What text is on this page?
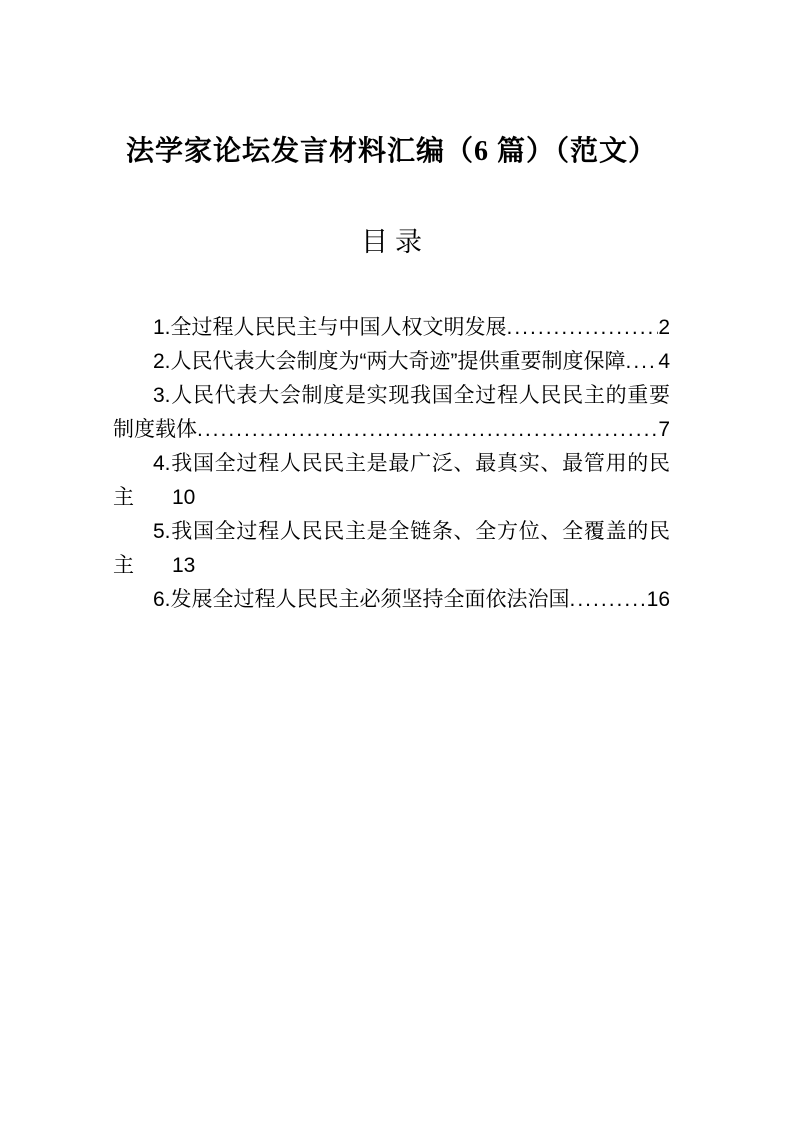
法学家论坛发言材料汇编（6 篇）（范文）
目录
1.全过程人民民主与中国人权文明发展 .....	2
2.人民代表大会制度为“两大奇迹”提供重要制度保障 ..... 4
3.人民代表大会制度是实现我国全过程人民民主的重要
制度载体 .....	7
4.我国全过程人民民主是最广泛、最真实、最管用的民
主 10
5.我国全过程人民民主是全链条、全方位、全覆盖的民
主 13
6.发展全过程人民民主必须坚持全面依法治国 .....	16
